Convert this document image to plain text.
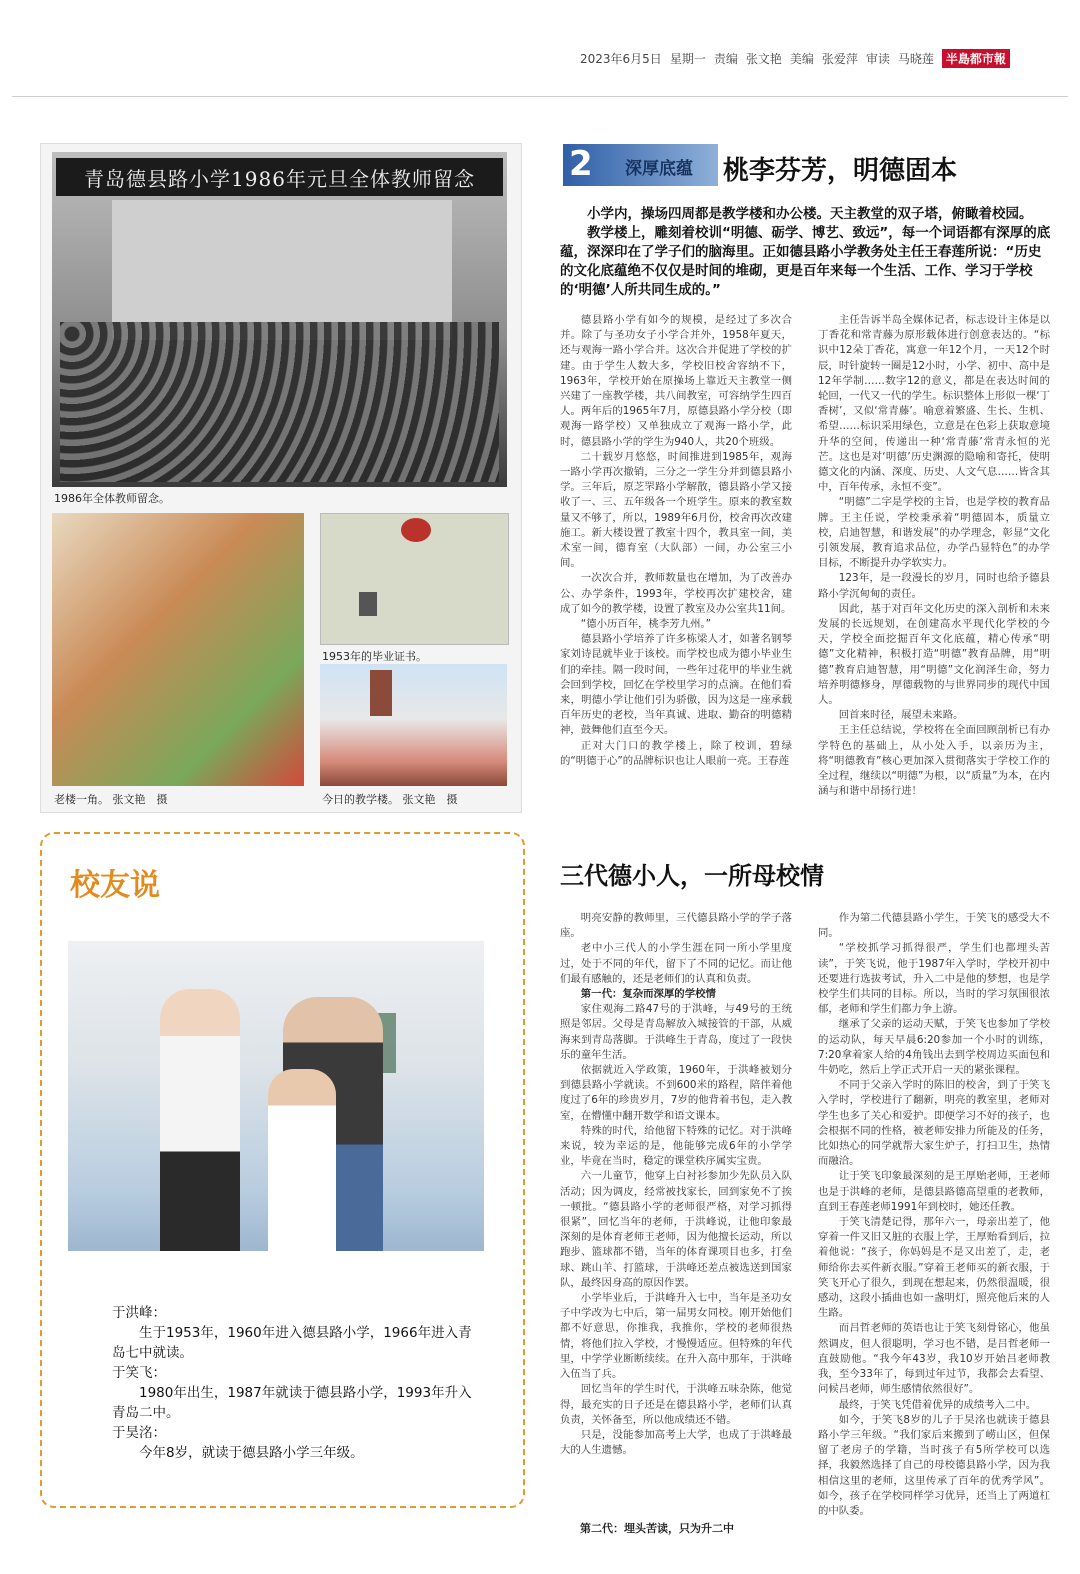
2023年6月5日 星期一 责编 张文艳 美编 张爱萍 审读 马晓莲	半島都市報
青岛德县路小学1986年元旦全体教师留念
1986年全体教师留念。
1953年的毕业证书。
老楼一角。 张文艳　摄	今日的教学楼。 张文艳　摄
2 深厚底蕴 桃李芬芳，明德固本
小学内，操场四周都是教学楼和办公楼。天主教堂的双子塔，俯瞰着校园。
教学楼上，雕刻着校训“明德、砺学、博艺、致远”，每一个词语都有深厚的底蕴，深深印在了学子们的脑海里。正如德县路小学教务处主任王春莲所说：“历史的文化底蕴绝不仅仅是时间的堆砌，更是百年来每一个生活、工作、学习于学校的‘明德’人所共同生成的。”

德县路小学有如今的规模，是经过了多次合并。除了与圣功女子小学合并外，1958年夏天，还与观海一路小学合并。这次合并促进了学校的扩建。由于学生人数大多，学校旧校舍容纳不下，1963年，学校开始在原操场上靠近天主教堂一侧兴建了一座教学楼，共八间教室，可容纳学生四百人。两年后的1965年7月，原德县路小学分校（即观海一路学校）又单独成立了观海一路小学，此时，德县路小学的学生为940人，共20个班级。

二十载岁月悠悠，时间推进到1985年，观海一路小学再次撤销，三分之一学生分并到德县路小学。三年后，原芝罘路小学解散，德县路小学又接收了一、三、五年级各一个班学生。原来的教室数量又不够了，所以，1989年6月份，校舍再次改建施工。新大楼设置了教室十四个，教具室一间，美术室一间，德育室（大队部）一间，办公室三小间。

一次次合并，教师数量也在增加，为了改善办公、办学条件，1993年，学校再次扩建校舍，建成了如今的教学楼，设置了教室及办公室共11间。

“德小历百年，桃李芳九州。”

德县路小学培养了许多栋梁人才，如著名钢琴家刘诗昆就毕业于该校。而学校也成为德小毕业生们的牵挂。隔一段时间，一些年过花甲的毕业生就会回到学校，回忆在学校里学习的点滴。在他们看来，明德小学让他们引为骄傲，因为这是一座承载百年历史的老校，当年真诚、进取、勤奋的明德精神，鼓舞他们直至今天。

正对大门口的教学楼上，除了校训，碧绿的“明德于心”的品牌标识也让人眼前一亮。王春莲

主任告诉半岛全媒体记者，标志设计主体是以丁香花和常青藤为原形载体进行创意表达的。“标识中12朵丁香花，寓意一年12个月，一天12个时辰，时针旋转一圈是12小时，小学、初中、高中是12年学制……数字12的意义，都是在表达时间的轮回，一代又一代的学生。标识整体上形似一棵‘丁香树’，又似‘常青藤’。喻意着繁盛、生长、生机、希望……标识采用绿色，立意是在色彩上获取意境升华的空间，传递出一种‘常青藤’常青永恒的光芒。这也是对‘明德’历史渊源的隐喻和寄托，使明德文化的内涵、深度、历史、人文气息……皆含其中，百年传承，永恒不变”。

“明德”二字是学校的主旨，也是学校的教育品牌。王主任说，学校秉承着“明德固本，质量立校，启迪智慧，和谐发展”的办学理念，彰显“文化引领发展，教育追求品位，办学凸显特色”的办学目标，不断提升办学软实力。

123年，是一段漫长的岁月，同时也给予德县路小学沉甸甸的责任。

因此，基于对百年文化历史的深入剖析和未来发展的长远规划，在创建高水平现代化学校的今天，学校全面挖掘百年文化底蕴，精心传承“明德”文化精神，积极打造“明德”教育品牌，用“明德”教育启迪智慧，用“明德”文化润泽生命，努力培养明德修身，厚德载物的与世界同步的现代中国人。

回首来时径，展望未来路。

王主任总结说，学校将在全面回顾剖析已有办学特色的基础上，从小处入手，以亲历为主，将“明德教育”核心更加深入贯彻落实于学校工作的全过程，继续以“明德”为根，以“质量”为本，在内涵与和谐中昂扬行进！

校友说

于洪峰：

生于1953年，1960年进入德县路小学，1966年进入青岛七中就读。

于笑飞：

1980年出生，1987年就读于德县路小学，1993年升入青岛二中。

于昊洺：

今年8岁，就读于德县路小学三年级。

三代德小人，一所母校情

明亮安静的教师里，三代德县路小学的学子落座。

老中小三代人的小学生涯在同一所小学里度过，处于不同的年代，留下了不同的记忆。而让他们最有感触的，还是老师们的认真和负责。

第一代：复杂而深厚的学校情

家住观海二路47号的于洪峰，与49号的王统照是邻居。父母是青岛解放入城接管的干部，从威海来到青岛落脚。于洪峰生于青岛，度过了一段快乐的童年生活。

依据就近入学政策，1960年，于洪峰被划分到德县路小学就读。不到600米的路程，陪伴着他度过了6年的珍贵岁月，7岁的他背着书包，走入教室，在懵懂中翻开数学和语文课本。

特殊的时代，给他留下特殊的记忆。对于洪峰来说，较为幸运的是，他能够完成6年的小学学业，毕竟在当时，稳定的课堂秩序属实宝贵。

六一儿童节，他穿上白衬衫参加少先队员入队活动；因为调皮，经常被找家长，回到家免不了挨一顿批。“德县路小学的老师很严格，对学习抓得很紧”，回忆当年的老师，于洪峰说，让他印象最深刻的是体育老师王老师，因为他擅长运动，所以跑步、篮球都不错，当年的体育课项目也多，打垒球、跳山羊、打篮球，于洪峰还差点被选送到国家队，最终因身高的原因作罢。

小学毕业后，于洪峰升入七中，当年是圣功女子中学改为七中后，第一届男女同校。刚开始他们都不好意思，你推我，我推你，学校的老师很热情，将他们拉入学校，才慢慢适应。但特殊的年代里，中学学业断断续续。在升入高中那年，于洪峰入伍当了兵。

回忆当年的学生时代，于洪峰五味杂陈，他觉得，最充实的日子还是在德县路小学，老师们认真负责，关怀备至，所以他成绩还不错。

只是，没能参加高考上大学，也成了于洪峰最大的人生遗憾。

作为第二代德县路小学生，于笑飞的感受大不同。

“学校抓学习抓得很严，学生们也都埋头苦读”，于笑飞说，他于1987年入学时，学校开初中还要进行选拔考试，升入二中是他的梦想，也是学校学生们共同的目标。所以，当时的学习氛围很浓郁，老师和学生们都力争上游。

继承了父亲的运动天赋，于笑飞也参加了学校的运动队，每天早晨6:20参加一个小时的训练，7:20拿着家人给的4角钱出去到学校周边买面包和牛奶吃，然后上学正式开启一天的紧张课程。

不同于父亲入学时的陈旧的校舍，到了于笑飞入学时，学校进行了翻新，明亮的教室里，老师对学生也多了关心和爱护。即便学习不好的孩子，也会根据不同的性格，被老师安排力所能及的任务，比如热心的同学就帮大家生炉子，打扫卫生，热情而融洽。

让于笑飞印象最深刻的是王厚贻老师，王老师也是于洪峰的老师，是德县路德高望重的老教师，直到王春莲老师1991年到校时，她还任教。

于笑飞清楚记得，那年六一，母亲出差了，他穿着一件又旧又脏的衣服上学，王厚贻看到后，拉着他说：“孩子，你妈妈是不是又出差了，走，老师给你去买件新衣服。”穿着王老师买的新衣服，于笑飞开心了很久，到现在想起来，仍然很温暖，很感动，这段小插曲也如一盏明灯，照亮他后来的人生路。

而吕哲老师的英语也让于笑飞刻骨铭心，他虽然调皮，但人很聪明，学习也不错，是吕哲老师一直鼓励他。“我今年43岁，我10岁开始吕老师教我，至今33年了，每到过年过节，我都会去看望、问候吕老师，师生感情依然很好”。

最终，于笑飞凭借着优异的成绩考入二中。

如今，于笑飞8岁的儿子于昊洺也就读于德县路小学三年级。“我们家后来搬到了崂山区，但保留了老房子的学籍，当时孩子有5所学校可以选择，我毅然选择了自己的母校德县路小学，因为我相信这里的老师，这里传承了百年的优秀学风”。如今，孩子在学校同样学习优异，还当上了两道杠的中队委。

第二代：埋头苦读，只为升二中
